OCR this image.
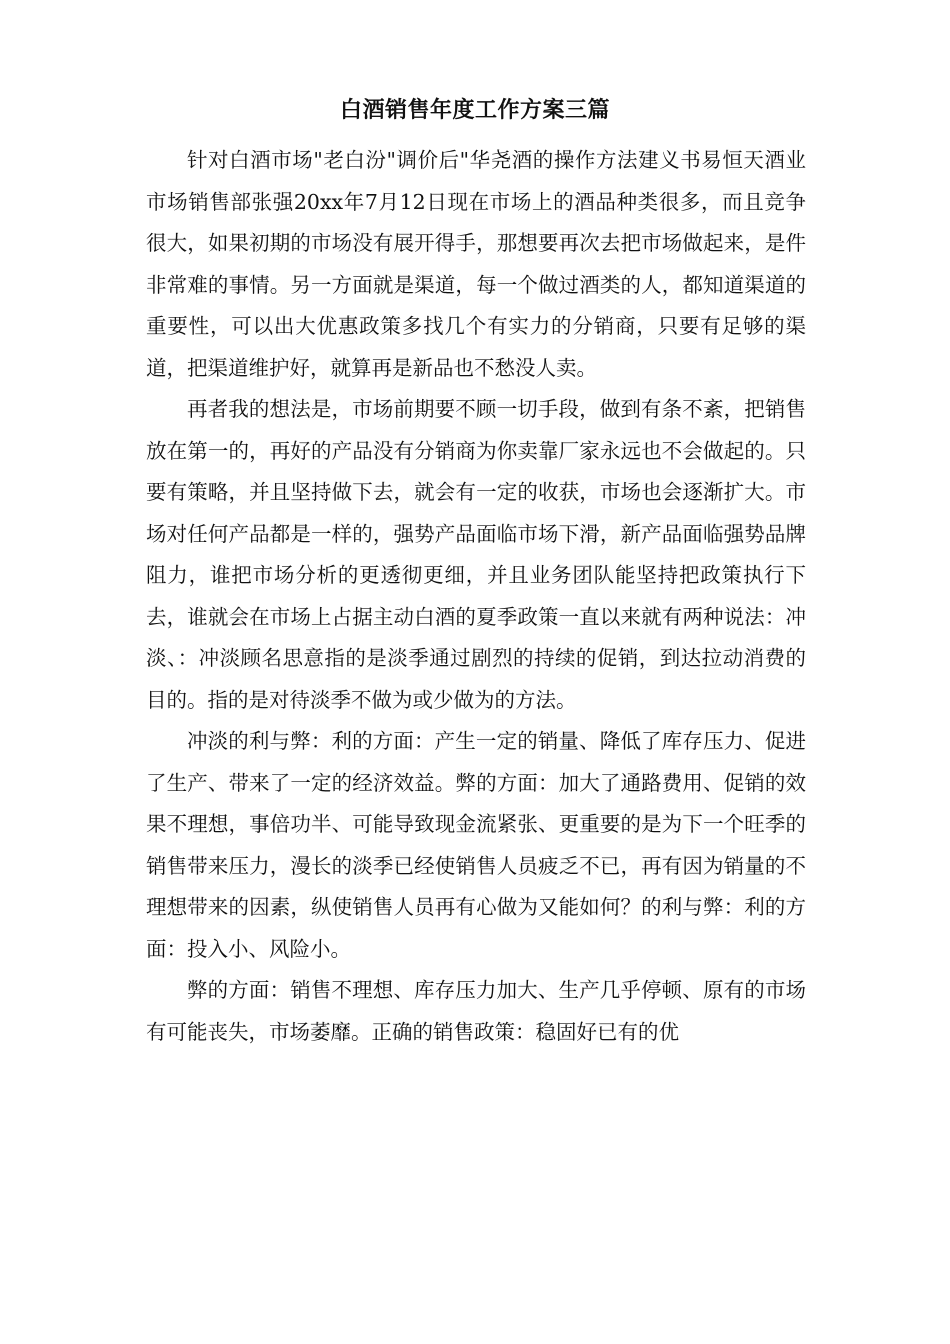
白酒销售年度工作方案三篇

针对白酒市场"老白汾"调价后"华尧酒的操作方法建义书易恒天酒业市场销售部张强20xx年7月12日现在市场上的酒品种类很多，而且竞争很大，如果初期的市场没有展开得手，那想要再次去把市场做起来，是件非常难的事情。另一方面就是渠道，每一个做过酒类的人，都知道渠道的重要性，可以出大优惠政策多找几个有实力的分销商，只要有足够的渠道，把渠道维护好，就算再是新品也不愁没人卖。

再者我的想法是，市场前期要不顾一切手段，做到有条不紊，把销售放在第一的，再好的产品没有分销商为你卖靠厂家永远也不会做起的。只要有策略，并且坚持做下去，就会有一定的收获，市场也会逐渐扩大。市场对任何产品都是一样的，强势产品面临市场下滑，新产品面临强势品牌阻力，谁把市场分析的更透彻更细，并且业务团队能坚持把政策执行下去，谁就会在市场上占据主动白酒的夏季政策一直以来就有两种说法：冲淡、：冲淡顾名思意指的是淡季通过剧烈的持续的促销，到达拉动消费的目的。指的是对待淡季不做为或少做为的方法。

冲淡的利与弊：利的方面：产生一定的销量、降低了库存压力、促进了生产、带来了一定的经济效益。弊的方面：加大了通路费用、促销的效果不理想，事倍功半、可能导致现金流紧张、更重要的是为下一个旺季的销售带来压力，漫长的淡季已经使销售人员疲乏不已，再有因为销量的不理想带来的因素，纵使销售人员再有心做为又能如何？的利与弊：利的方面：投入小、风险小。

弊的方面：销售不理想、库存压力加大、生产几乎停顿、原有的市场有可能丧失，市场萎靡。正确的销售政策：稳固好已有的优
